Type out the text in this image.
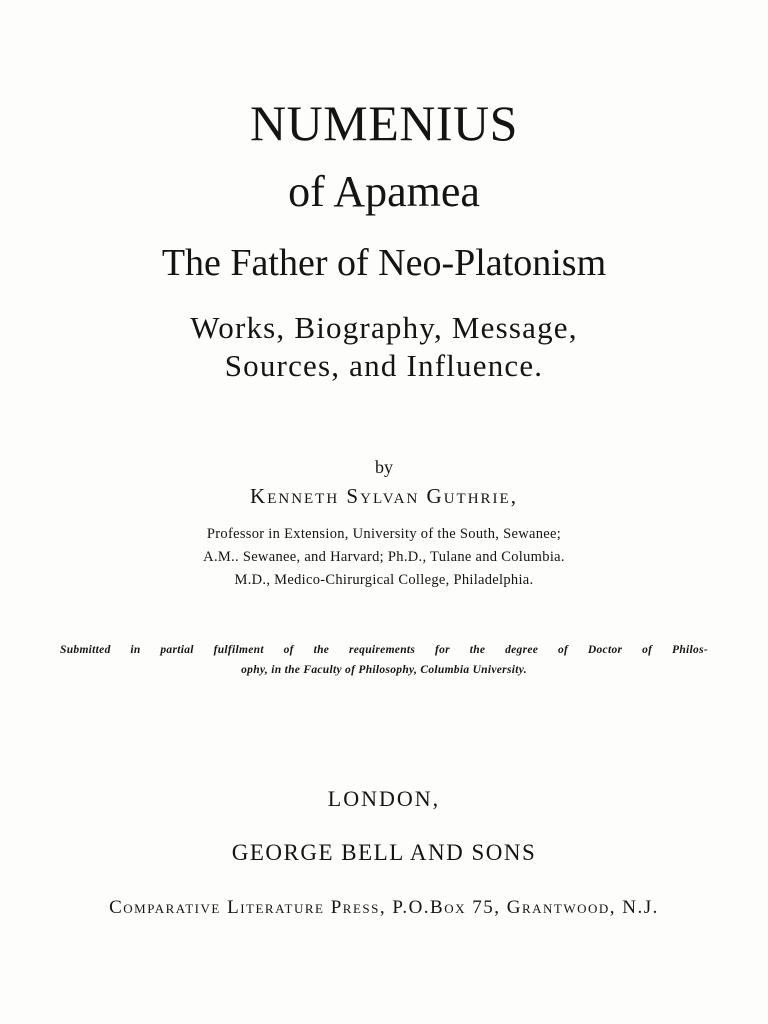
NUMENIUS
of Apamea
The Father of Neo-Platonism
Works, Biography, Message,
Sources, and Influence.
by
Kenneth Sylvan Guthrie,
Professor in Extension, University of the South, Sewanee;
A.M.. Sewanee, and Harvard; Ph.D., Tulane and Columbia.
M.D., Medico-Chirurgical College, Philadelphia.
Submitted in partial fulfilment of the requirements for the degree of Doctor of Philos-
ophy, in the Faculty of Philosophy, Columbia University.
LONDON,
GEORGE BELL AND SONS
Comparative Literature Press, P.O.Box 75, Grantwood, N.J.
